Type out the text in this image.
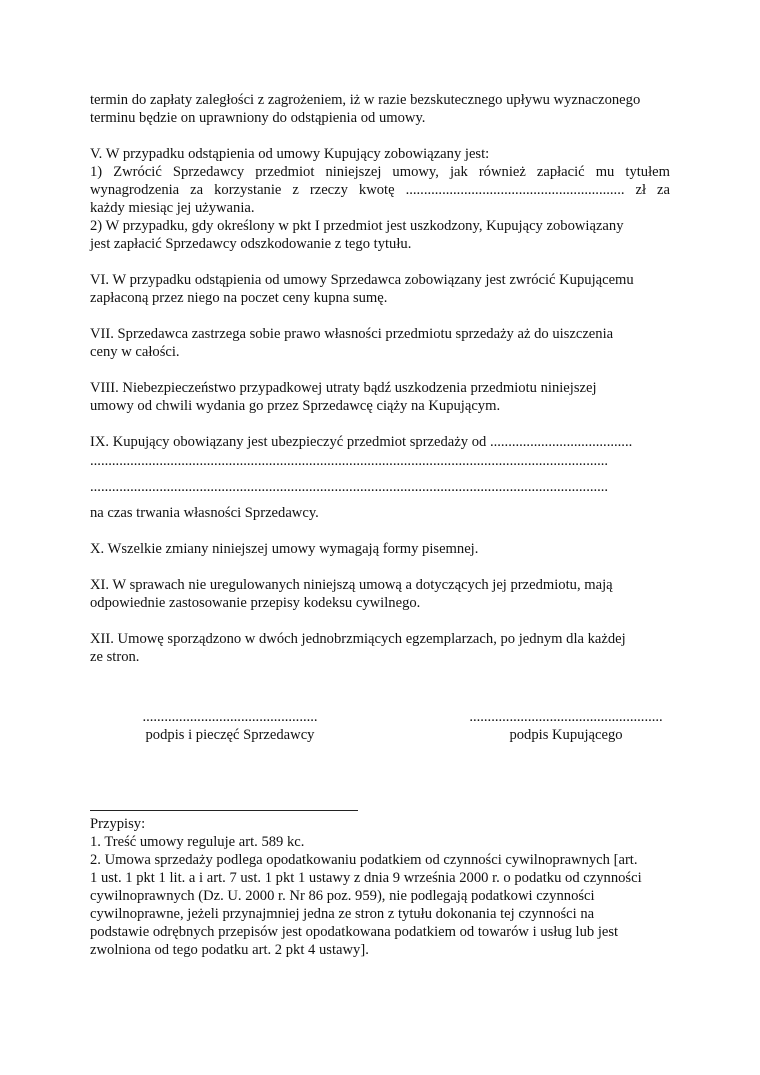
termin do zapłaty zaległości z zagrożeniem, iż w razie bezskutecznego upływu wyznaczonego
terminu będzie on uprawniony do odstąpienia od umowy.

V. W przypadku odstąpienia od umowy Kupujący zobowiązany jest:
1) Zwrócić Sprzedawcy przedmiot niniejszej umowy, jak również zapłacić mu tytułem
wynagrodzenia za korzystanie z rzeczy kwotę ............................................................ zł za
każdy miesiąc jej używania.
2) W przypadku, gdy określony w pkt I przedmiot jest uszkodzony, Kupujący zobowiązany
jest zapłacić Sprzedawcy odszkodowanie z tego tytułu.

VI. W przypadku odstąpienia od umowy Sprzedawca zobowiązany jest zwrócić Kupującemu
zapłaconą przez niego na poczet ceny kupna sumę.

VII. Sprzedawca zastrzega sobie prawo własności przedmiotu sprzedaży aż do uiszczenia
ceny w całości.

VIII. Niebezpieczeństwo przypadkowej utraty bądź uszkodzenia przedmiotu niniejszej
umowy od chwili wydania go przez Sprzedawcę ciąży na Kupującym.

IX. Kupujący obowiązany jest ubezpieczyć przedmiot sprzedaży od .......................................
..............................................................................................................................................
..............................................................................................................................................

na czas trwania własności Sprzedawcy.

X. Wszelkie zmiany niniejszej umowy wymagają formy pisemnej.

XI. W sprawach nie uregulowanych niniejszą umową a dotyczących jej przedmiotu, mają
odpowiednie zastosowanie przepisy kodeksu cywilnego.

XII. Umowę sporządzono w dwóch jednobrzmiących egzemplarzach, po jednym dla każdej
ze stron.

................................................
podpis i pieczęć Sprzedawcy
.....................................................
podpis Kupującego
Przypisy:
1. Treść umowy reguluje art. 589 kc.
2. Umowa sprzedaży podlega opodatkowaniu podatkiem od czynności cywilnoprawnych [art.
1 ust. 1 pkt 1 lit. a i art. 7 ust. 1 pkt 1 ustawy z dnia 9 września 2000 r. o podatku od czynności
cywilnoprawnych (Dz. U. 2000 r. Nr 86 poz. 959), nie podlegają podatkowi czynności
cywilnoprawne, jeżeli przynajmniej jedna ze stron z tytułu dokonania tej czynności na
podstawie odrębnych przepisów jest opodatkowana podatkiem od towarów i usług lub jest
zwolniona od tego podatku art. 2 pkt 4 ustawy].
